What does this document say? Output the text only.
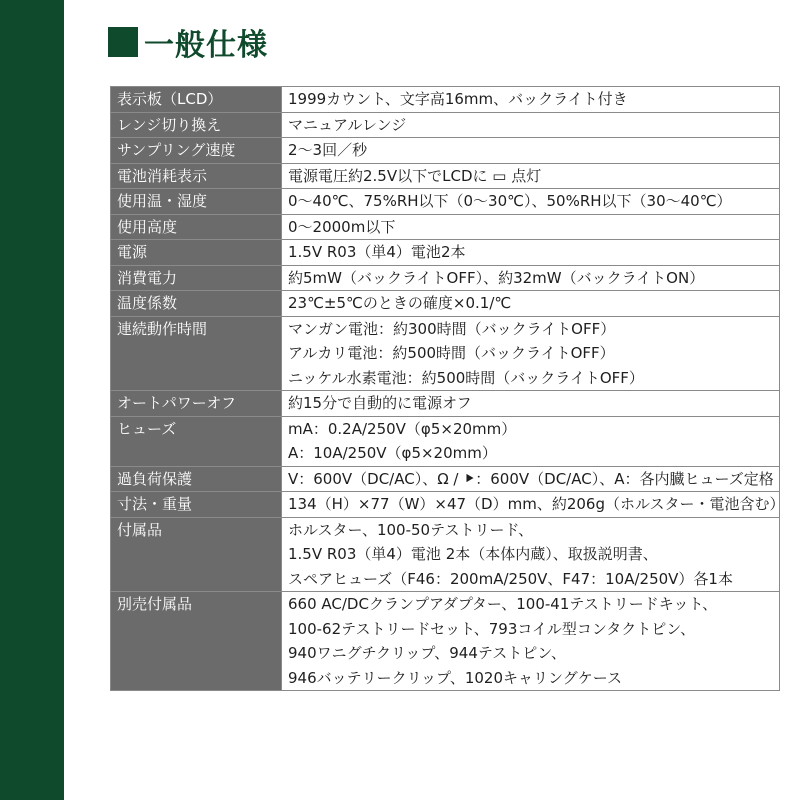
一般仕様
表示板（LCD）	1999カウント、文字高16mm、バックライト付き

レンジ切り換え	マニュアルレンジ

サンプリング速度	2～3回／秒

電池消耗表示	電源電圧約2.5V以下でLCDに ▭ 点灯

使用温・湿度	0～40℃、75%RH以下（0～30℃）、50%RH以下（30～40℃）

使用高度	0～2000m以下

電源	1.5V R03（単4）電池2本

消費電力	約5mW（バックライトOFF）、約32mW（バックライトON）

温度係数	23℃±5℃のときの確度×0.1/℃

連続動作時間	マンガン電池：約300時間（バックライトOFF）
アルカリ電池：約500時間（バックライトOFF）
ニッケル水素電池：約500時間（バックライトOFF）

オートパワーオフ	約15分で自動的に電源オフ

ヒューズ	mA：0.2A/250V（φ5×20mm）
A：10A/250V（φ5×20mm）

過負荷保護	V：600V（DC/AC）、Ω / ⯈：600V（DC/AC）、A：各内臓ヒューズ定格

寸法・重量	134（H）×77（W）×47（D）mm、約206g（ホルスター・電池含む）

付属品	ホルスター、100-50テストリード、
1.5V R03（単4）電池 2本（本体内蔵）、取扱説明書、
スペアヒューズ（F46：200mA/250V、F47：10A/250V）各1本

別売付属品	660 AC/DCクランプアダプター、100-41テストリードキット、
100-62テストリードセット、793コイル型コンタクトピン、
940ワニグチクリップ、944テストピン、
946バッテリークリップ、1020キャリングケース
